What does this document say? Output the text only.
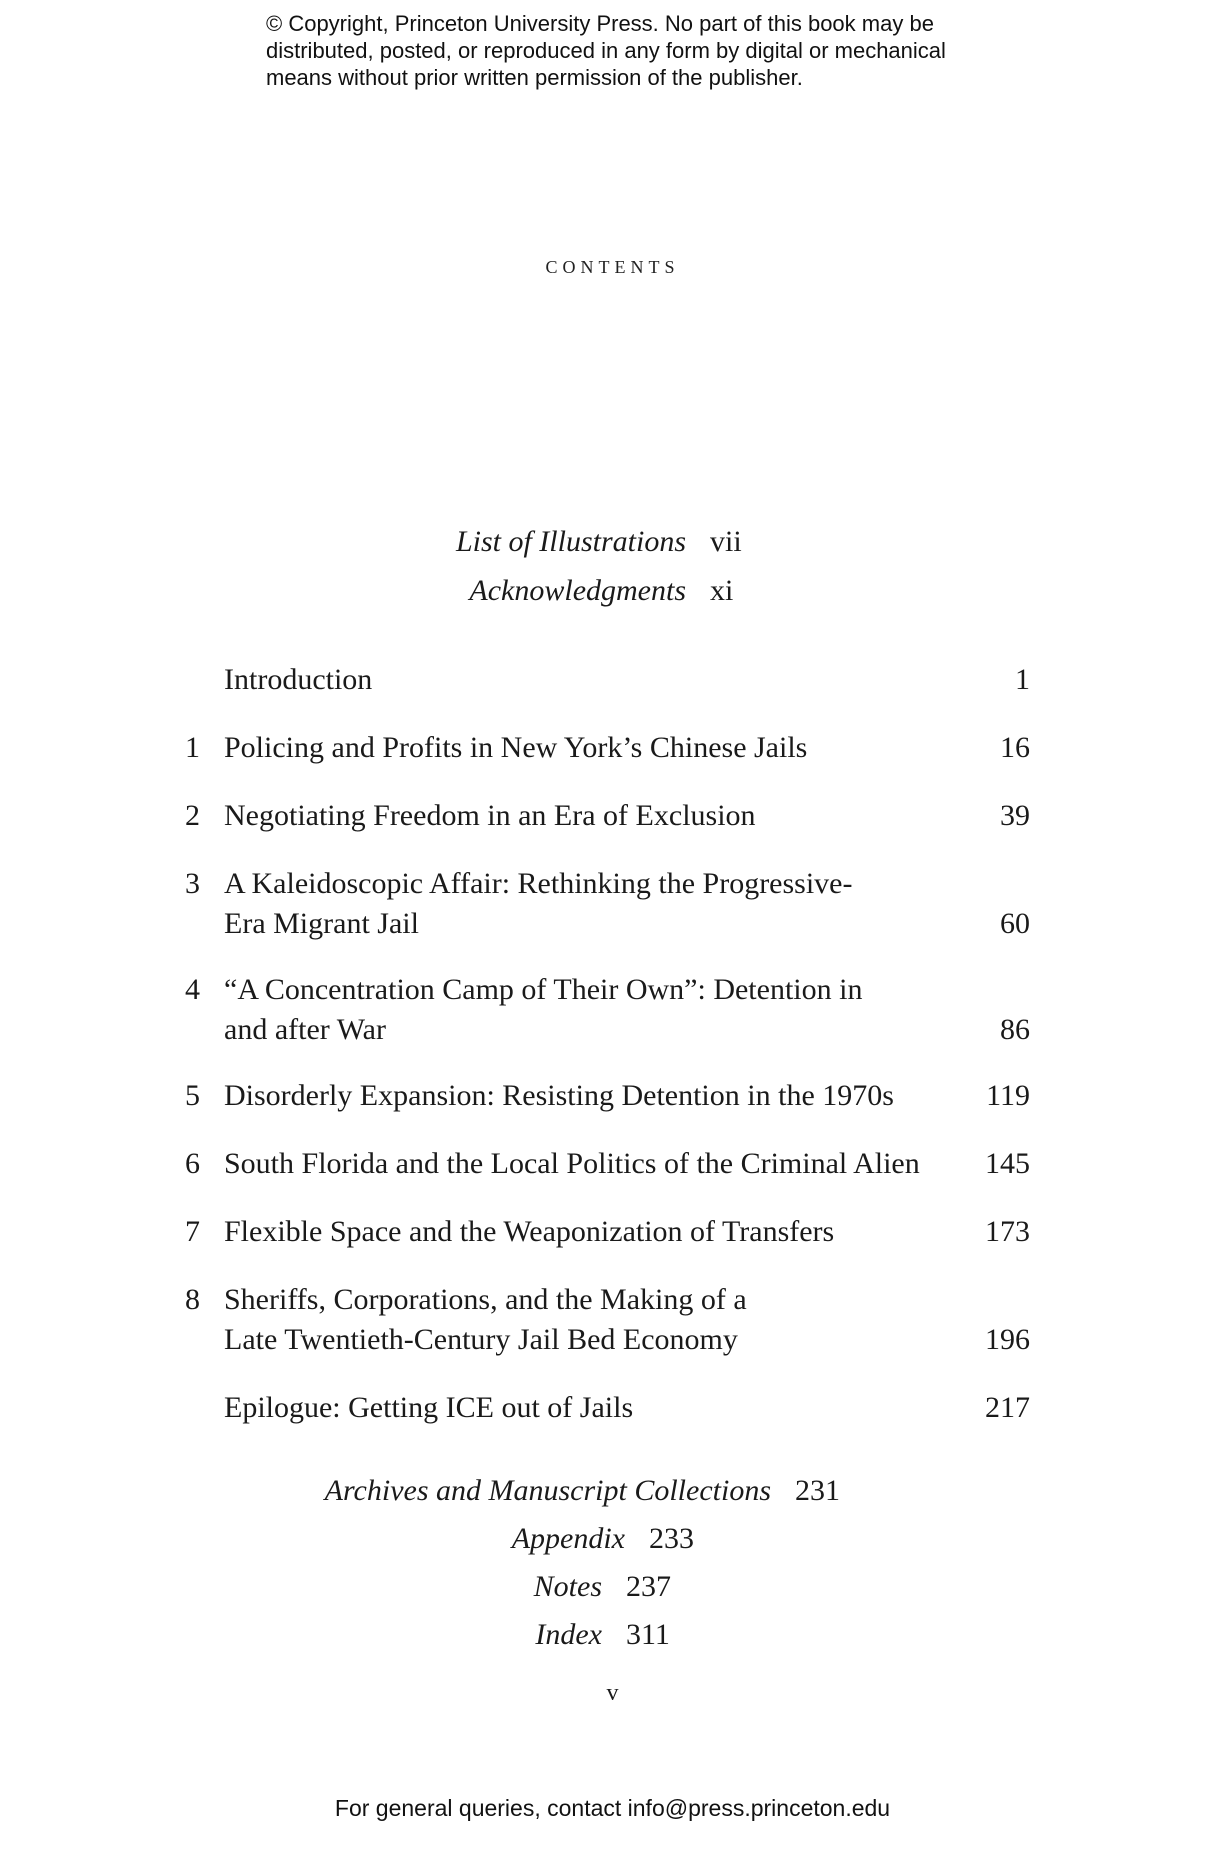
© Copyright, Princeton University Press. No part of this book may be
distributed, posted, or reproduced in any form by digital or mechanical
means without prior written permission of the publisher.
contents
List of Illustrations vii
Acknowledgments xi
Introduction	1
1 Policing and Profits in New York’s Chinese Jails	16
2 Negotiating Freedom in an Era of Exclusion	39
3 A Kaleidoscopic Affair: Rethinking the Progressive-Era Migrant Jail	60
4 “A Concentration Camp of Their Own”: Detention in and after War	86
5 Disorderly Expansion: Resisting Detention in the 1970s	119
6 South Florida and the Local Politics of the Criminal Alien	145
7 Flexible Space and the Weaponization of Transfers	173
8 Sheriffs, Corporations, and the Making of a Late Twentieth-Century Jail Bed Economy	196
Epilogue: Getting ICE out of Jails	217
Archives and Manuscript Collections 231
Appendix 233
Notes 237
Index 311
v
For general queries, contact info@press.princeton.edu
